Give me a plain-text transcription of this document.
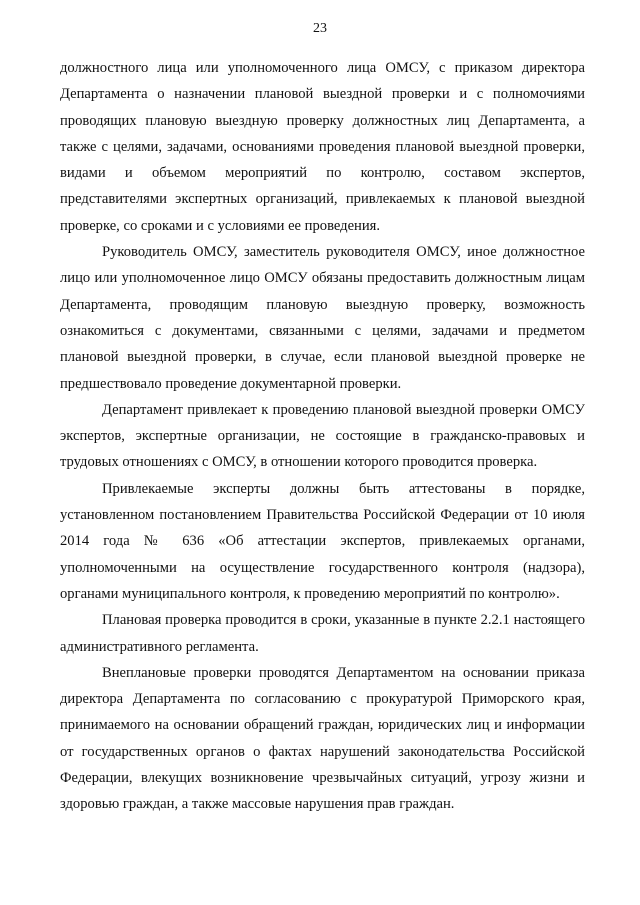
23

должностного лица или уполномоченного лица ОМСУ, с приказом директора Департамента о назначении плановой выездной проверки и с полномочиями проводящих плановую выездную проверку должностных лиц Департамента, а также с целями, задачами, основаниями проведения плановой выездной проверки, видами и объемом мероприятий по контролю, составом экспертов, представителями экспертных организаций, привлекаемых к плановой выездной проверке, со сроками и с условиями ее проведения.

Руководитель ОМСУ, заместитель руководителя ОМСУ, иное должностное лицо или уполномоченное лицо ОМСУ обязаны предоставить должностным лицам Департамента, проводящим плановую выездную проверку, возможность ознакомиться с документами, связанными с целями, задачами и предметом плановой выездной проверки, в случае, если плановой выездной проверке не предшествовало проведение документарной проверки.

Департамент привлекает к проведению плановой выездной проверки ОМСУ экспертов, экспертные организации, не состоящие в гражданско-правовых и трудовых отношениях с ОМСУ, в отношении которого проводится проверка.

Привлекаемые эксперты должны быть аттестованы в порядке, установленном постановлением Правительства Российской Федерации от 10 июля 2014 года № 636 «Об аттестации экспертов, привлекаемых органами, уполномоченными на осуществление государственного контроля (надзора), органами муниципального контроля, к проведению мероприятий по контролю».

Плановая проверка проводится в сроки, указанные в пункте 2.2.1 настоящего административного регламента.

Внеплановые проверки проводятся Департаментом на основании приказа директора Департамента по согласованию с прокуратурой Приморского края, принимаемого на основании обращений граждан, юридических лиц и информации от государственных органов о фактах нарушений законодательства Российской Федерации, влекущих возникновение чрезвычайных ситуаций, угрозу жизни и здоровью граждан, а также массовые нарушения прав граждан.
